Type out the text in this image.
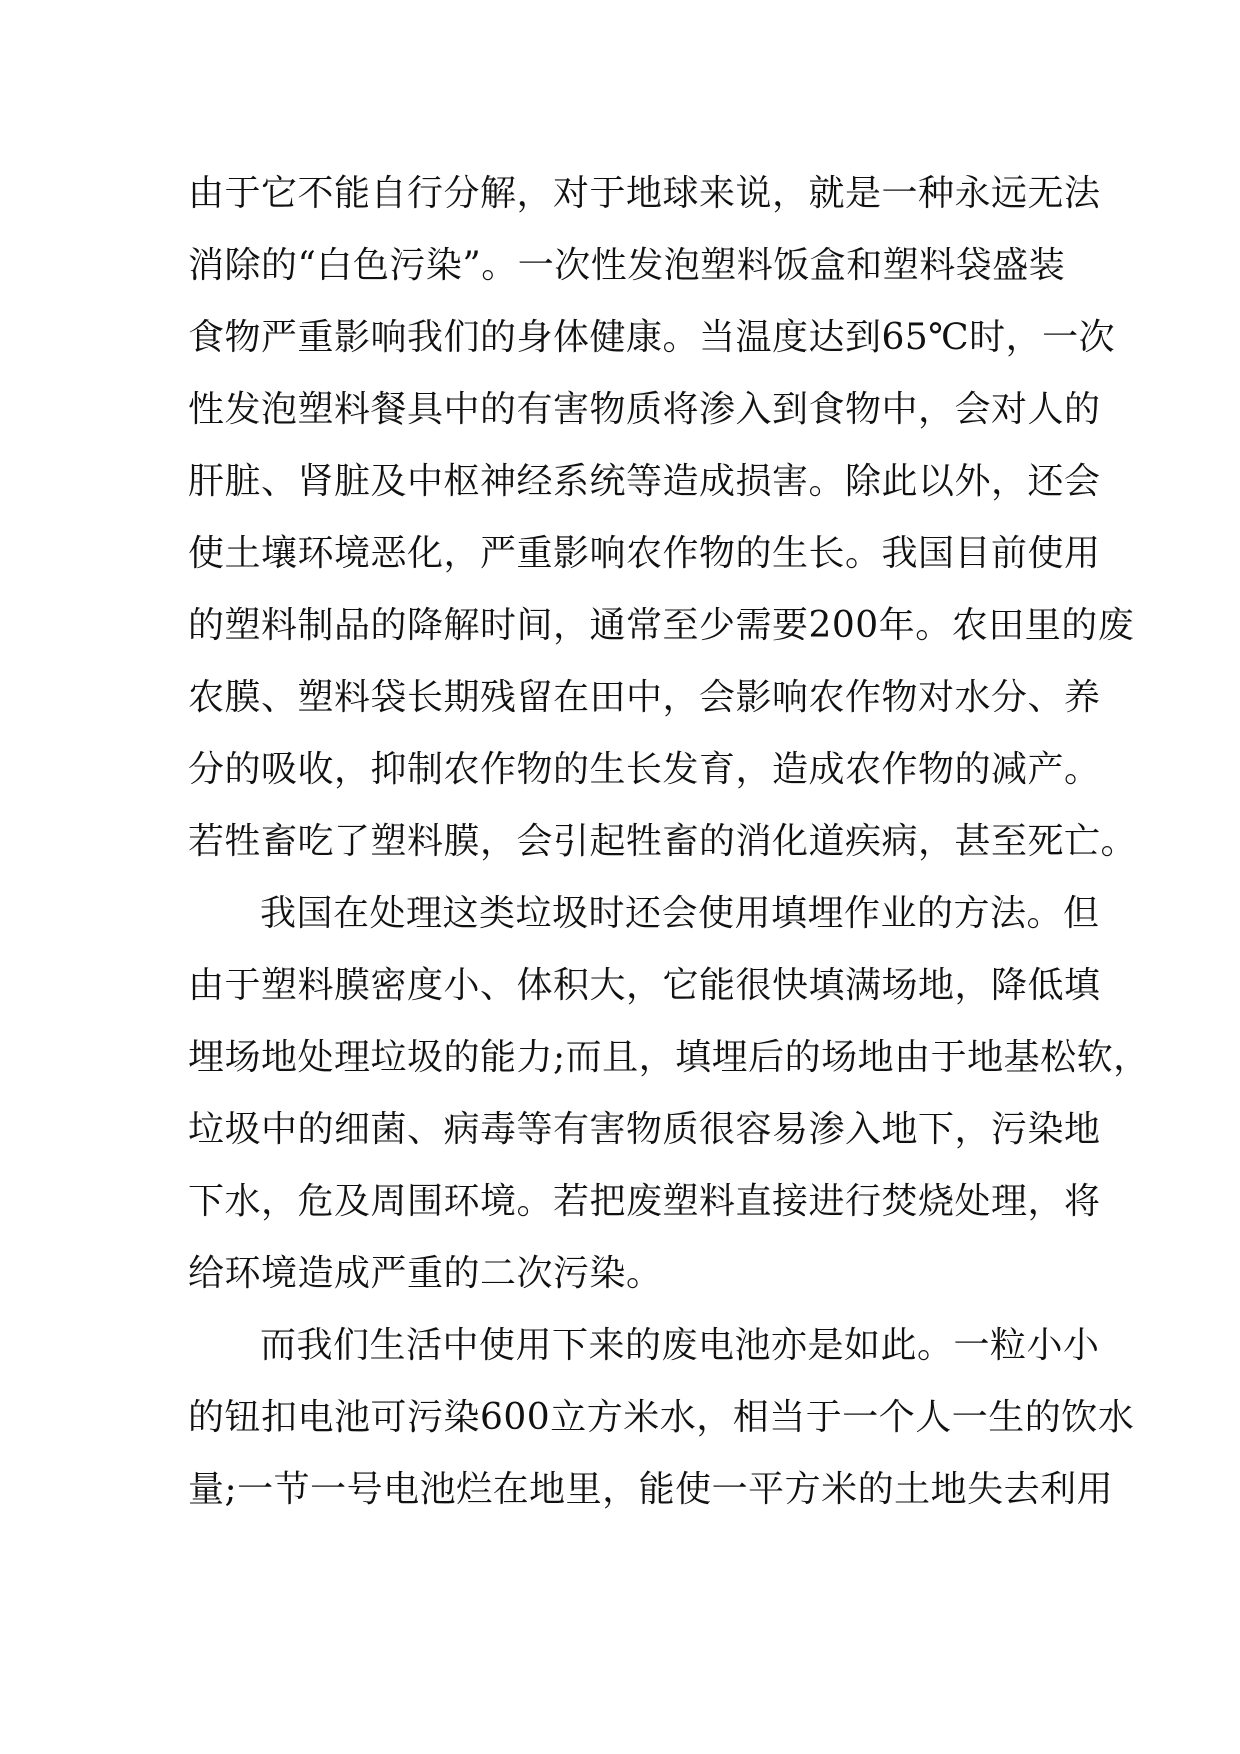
由于它不能自行分解，对于地球来说，就是一种永远无法
消除的“白色污染”。一次性发泡塑料饭盒和塑料袋盛装
食物严重影响我们的身体健康。当温度达到65℃时，一次
性发泡塑料餐具中的有害物质将渗入到食物中，会对人的
肝脏、肾脏及中枢神经系统等造成损害。除此以外，还会
使土壤环境恶化，严重影响农作物的生长。我国目前使用
的塑料制品的降解时间，通常至少需要200年。农田里的废
农膜、塑料袋长期残留在田中，会影响农作物对水分、养
分的吸收，抑制农作物的生长发育，造成农作物的减产。
若牲畜吃了塑料膜，会引起牲畜的消化道疾病，甚至死亡。
我国在处理这类垃圾时还会使用填埋作业的方法。但
由于塑料膜密度小、体积大，它能很快填满场地，降低填
埋场地处理垃圾的能力;而且，填埋后的场地由于地基松软，
垃圾中的细菌、病毒等有害物质很容易渗入地下，污染地
下水，危及周围环境。若把废塑料直接进行焚烧处理，将
给环境造成严重的二次污染。
而我们生活中使用下来的废电池亦是如此。一粒小小
的钮扣电池可污染600立方米水，相当于一个人一生的饮水
量;一节一号电池烂在地里，能使一平方米的土地失去利用
